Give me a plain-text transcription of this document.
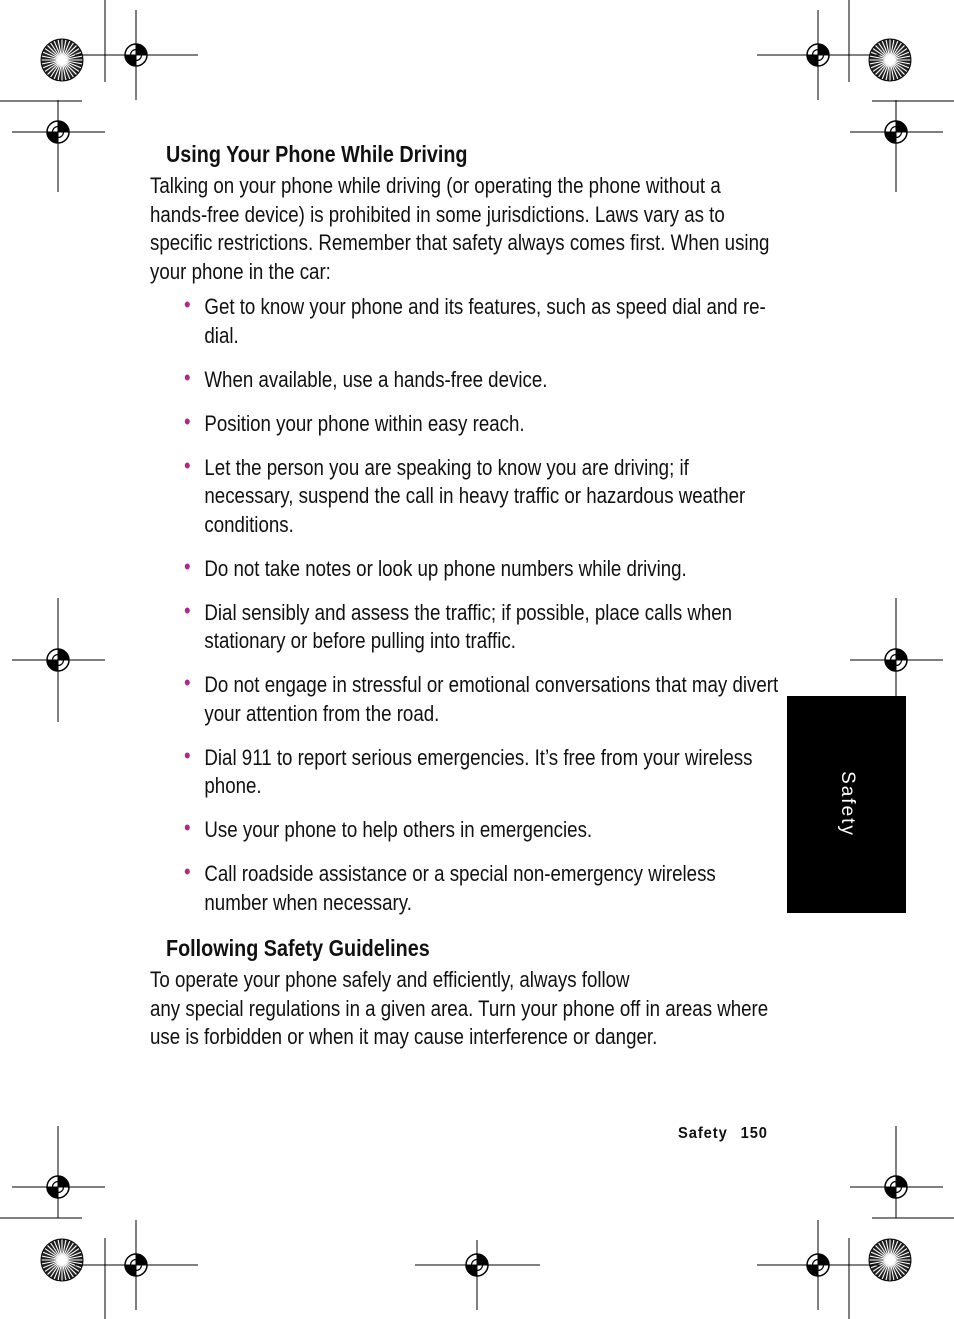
Using Your Phone While Driving

Talking on your phone while driving (or operating the phone without a hands-free device) is prohibited in some jurisdictions. Laws vary as to specific restrictions. Remember that safety always comes first. When using your phone in the car:

• Get to know your phone and its features, such as speed dial and re-dial.
• When available, use a hands-free device.
• Position your phone within easy reach.
• Let the person you are speaking to know you are driving; if necessary, suspend the call in heavy traffic or hazardous weather conditions.
• Do not take notes or look up phone numbers while driving.
• Dial sensibly and assess the traffic; if possible, place calls when stationary or before pulling into traffic.
• Do not engage in stressful or emotional conversations that may divert your attention from the road.
• Dial 911 to report serious emergencies. It’s free from your wireless phone.
• Use your phone to help others in emergencies.
• Call roadside assistance or a special non-emergency wireless number when necessary.
Following Safety Guidelines

To operate your phone safely and efficiently, always follow
any special regulations in a given area. Turn your phone off in areas where use is forbidden or when it may cause interference or danger.

Safety
Safety 150
